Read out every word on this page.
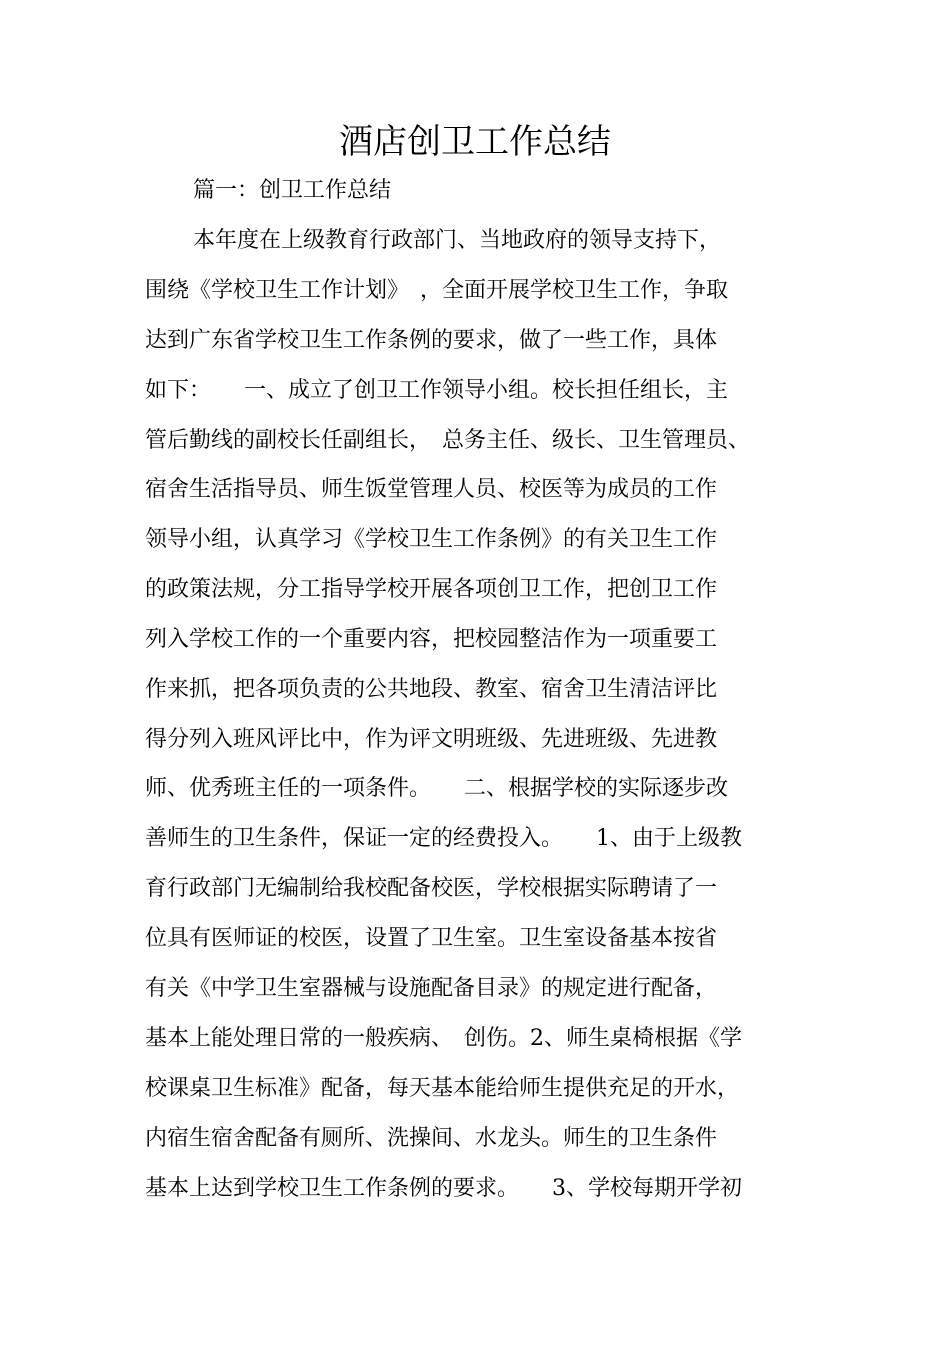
酒店创卫工作总结
篇一：创卫工作总结
本年度在上级教育行政部门、当地政府的领导支持下，
围绕《学校卫生工作计划》　，全面开展学校卫生工作，争取
达到广东省学校卫生工作条例的要求，做了一些工作，具体
如下：　　一、成立了创卫工作领导小组。校长担任组长，主
管后勤线的副校长任副组长，　总务主任、级长、卫生管理员、
宿舍生活指导员、师生饭堂管理人员、校医等为成员的工作
领导小组，认真学习《学校卫生工作条例》的有关卫生工作
的政策法规，分工指导学校开展各项创卫工作，把创卫工作
列入学校工作的一个重要内容，把校园整洁作为一项重要工
作来抓，把各项负责的公共地段、教室、宿舍卫生清洁评比
得分列入班风评比中，作为评文明班级、先进班级、先进教
师、优秀班主任的一项条件。　　二、根据学校的实际逐步改
善师生的卫生条件，保证一定的经费投入。　　1、由于上级教
育行政部门无编制给我校配备校医，学校根据实际聘请了一
位具有医师证的校医，设置了卫生室。卫生室设备基本按省
有关《中学卫生室器械与设施配备目录》的规定进行配备，
基本上能处理日常的一般疾病、　创伤。2、师生桌椅根据《学
校课桌卫生标准》配备，每天基本能给师生提供充足的开水，
内宿生宿舍配备有厕所、洗操间、水龙头。师生的卫生条件
基本上达到学校卫生工作条例的要求。　　3、学校每期开学初
